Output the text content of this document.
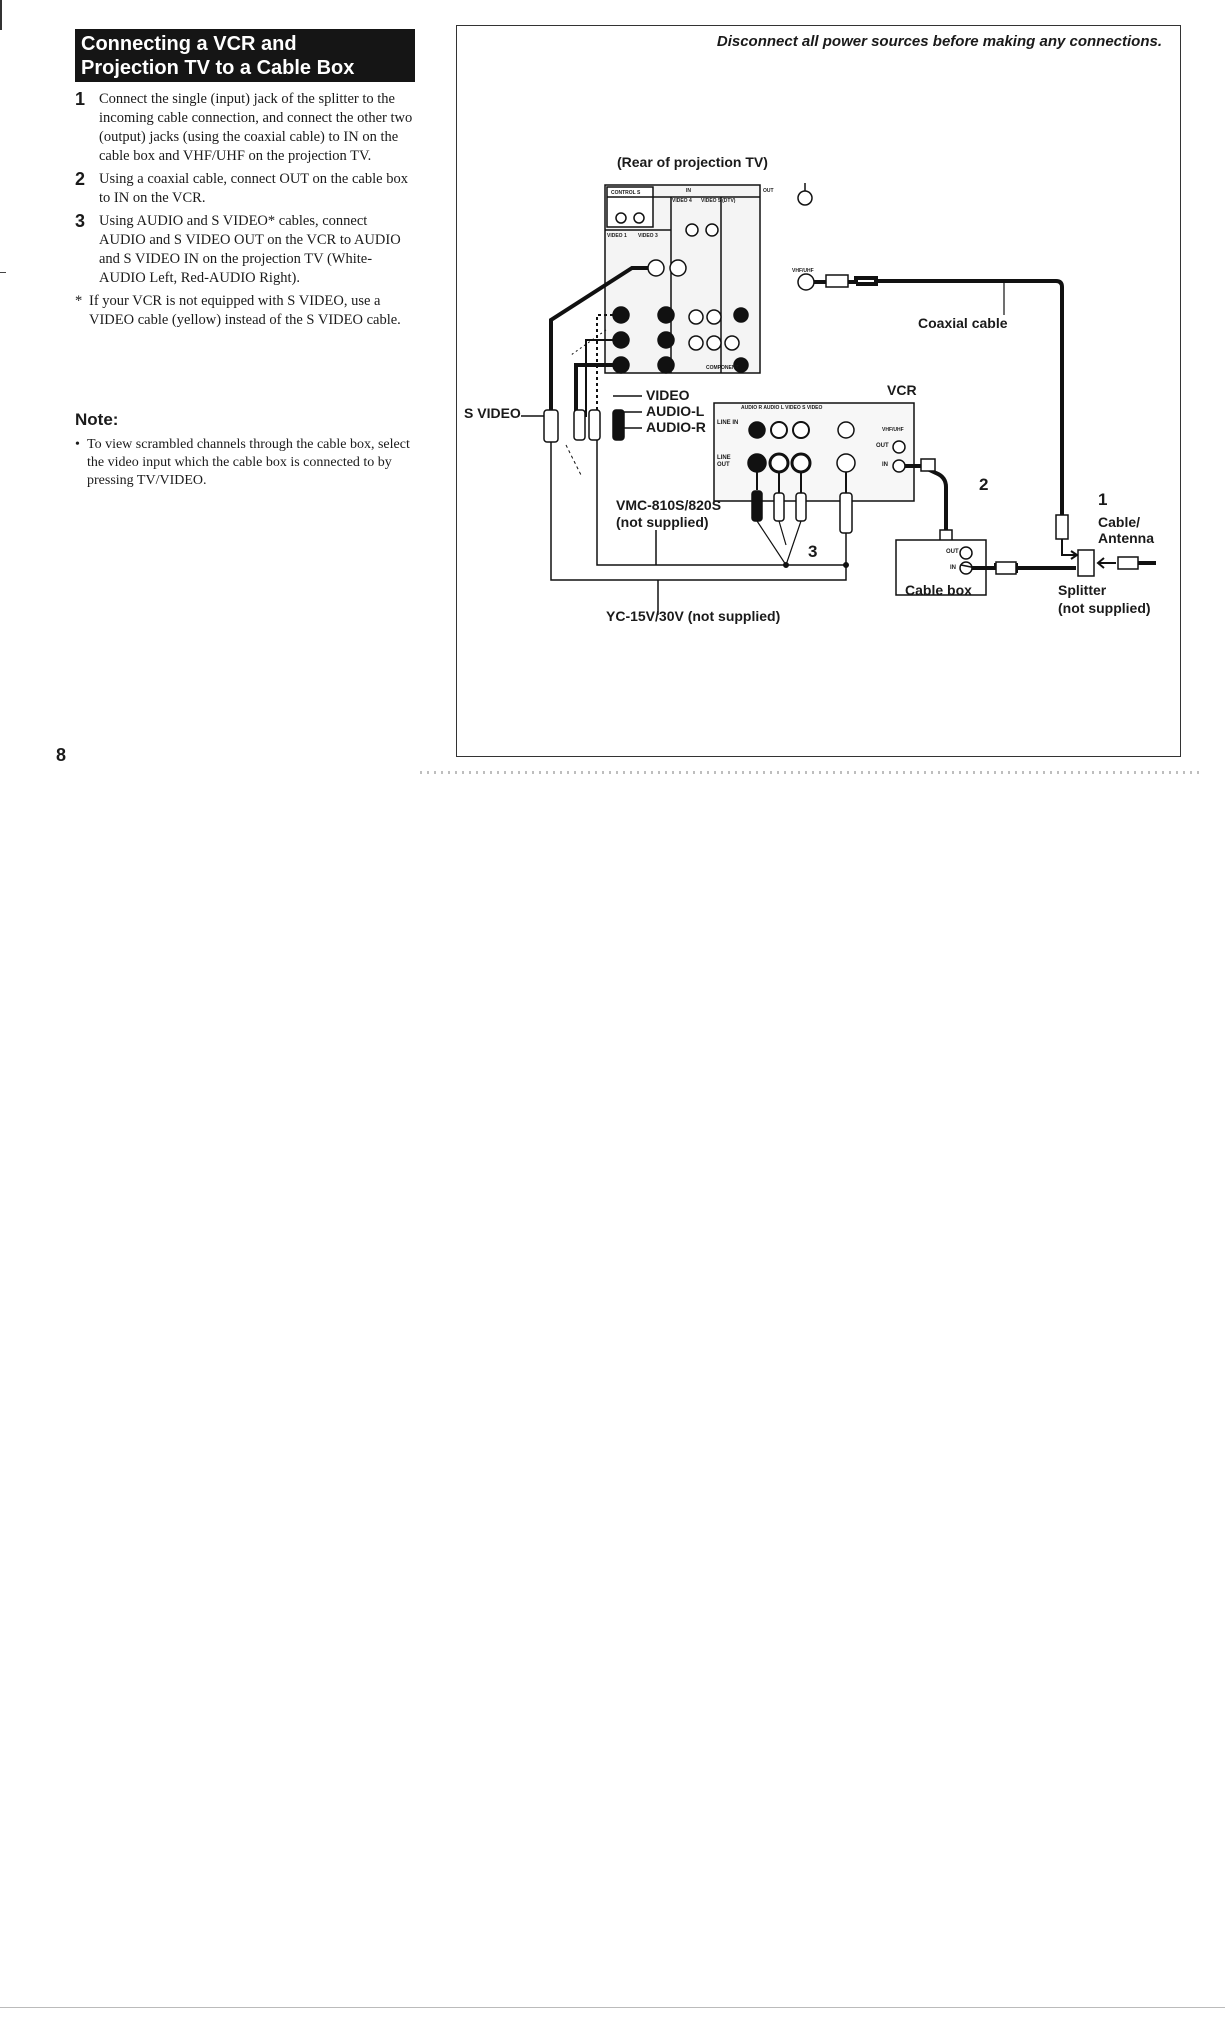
Connecting a VCR and
Projection TV to a Cable Box
1 Connect the single (input) jack of the splitter to the incoming cable connection, and connect the other two (output) jacks (using the coaxial cable) to IN on the cable box and VHF/UHF on the projection TV.
2 Using a coaxial cable, connect OUT on the cable box to IN on the VCR.
3 Using AUDIO and S VIDEO* cables, connect AUDIO and S VIDEO OUT on the VCR to AUDIO and S VIDEO IN on the projection TV (White-AUDIO Left, Red-AUDIO Right).
* If your VCR is not equipped with S VIDEO, use a VIDEO cable (yellow) instead of the S VIDEO cable.
Note:
• To view scrambled channels through the cable box, select the video input which the cable box is connected to by pressing TV/VIDEO.
8
Disconnect all power sources before making any connections.
(Rear of projection TV)
Coaxial cable
VCR
S VIDEO
VIDEO
AUDIO-L
AUDIO-R
VMC-810S/820S
(not supplied)
YC-15V/30V (not supplied)
Cable box	Splitter
(not supplied)
Cable/
Antenna
1
2
3
AUDIO R AUDIO L VIDEO S VIDEO
LINE IN
LINE OUT
VHF/UHF
OUT
IN
OUT
IN
CONTROL S
VIDEO 1 VIDEO 3
VIDEO 4 VIDEO 5 (DTV)
OUT
IN
COMPONENT
VHF/UHF
